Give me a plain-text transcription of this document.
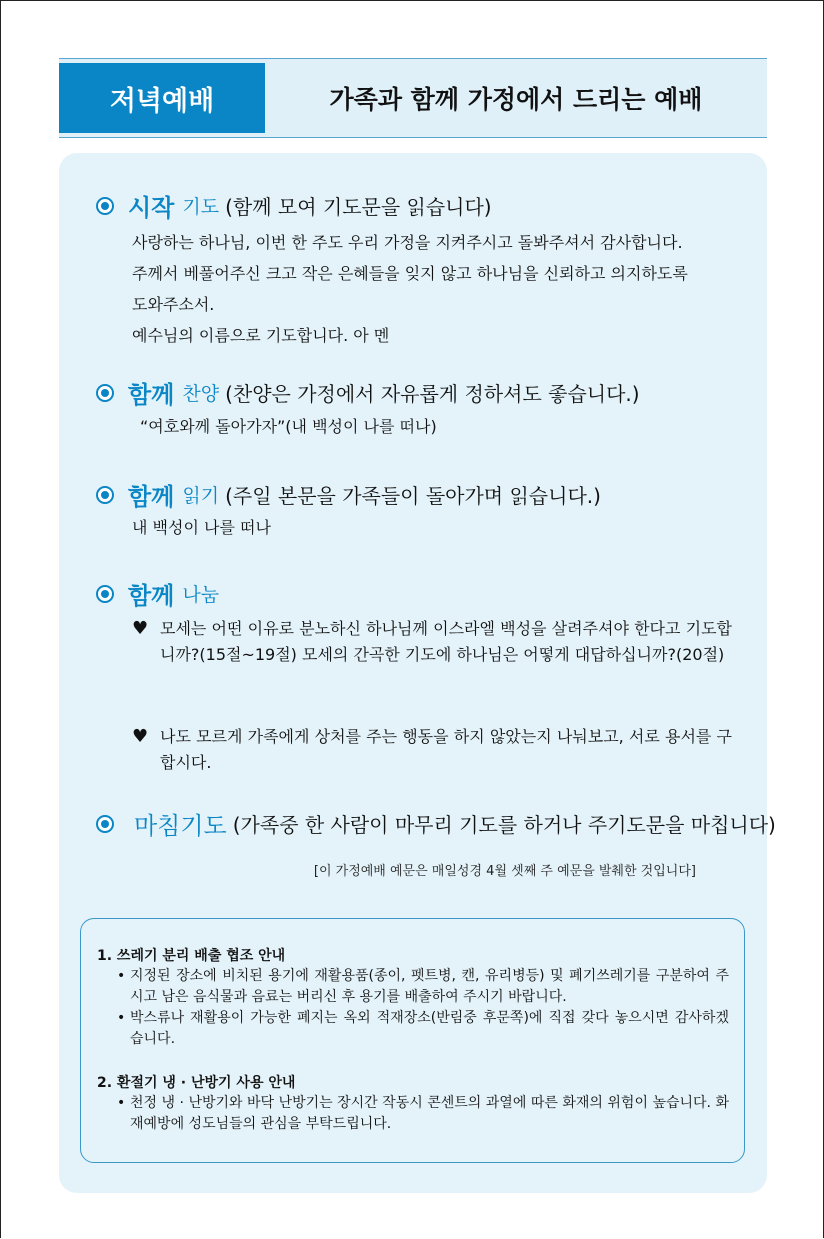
저녁예배	가족과 함께 가정에서 드리는 예배
시작 기도 (함께 모여 기도문을 읽습니다)
사랑하는 하나님, 이번 한 주도 우리 가정을 지켜주시고 돌봐주셔서 감사합니다.
주께서 베풀어주신 크고 작은 은혜들을 잊지 않고 하나님을 신뢰하고 의지하도록
도와주소서.
예수님의 이름으로 기도합니다. 아 멘
함께 찬양 (찬양은 가정에서 자유롭게 정하셔도 좋습니다.)
“여호와께 돌아가자”(내 백성이 나를 떠나)
함께 읽기 (주일 본문을 가족들이 돌아가며 읽습니다.)
내 백성이 나를 떠나
함께 나눔
♥ 모세는 어떤 이유로 분노하신 하나님께 이스라엘 백성을 살려주셔야 한다고 기도합니까?(15절~19절) 모세의 간곡한 기도에 하나님은 어떻게 대답하십니까?(20절)
♥ 나도 모르게 가족에게 상처를 주는 행동을 하지 않았는지 나눠보고, 서로 용서를 구합시다.
마침기도 (가족중 한 사람이 마무리 기도를 하거나 주기도문을 마칩니다)
[이 가정예배 예문은 매일성경 4월 셋째 주 예문을 발췌한 것입니다]
1. 쓰레기 분리 배출 협조 안내
• 지정된 장소에 비치된 용기에 재활용품(종이, 펫트병, 캔, 유리병등) 및 폐기쓰레기를 구분하여 주시고 남은 음식물과 음료는 버리신 후 용기를 배출하여 주시기 바랍니다.
• 박스류나 재활용이 가능한 폐지는 옥외 적재장소(반림중 후문쪽)에 직접 갖다 놓으시면 감사하겠 습니다.
2. 환절기 냉 · 난방기 사용 안내
• 천정 냉 · 난방기와 바닥 난방기는 장시간 작동시 콘센트의 과열에 따른 화재의 위험이 높습니다. 화재예방에 성도님들의 관심을 부탁드립니다.
